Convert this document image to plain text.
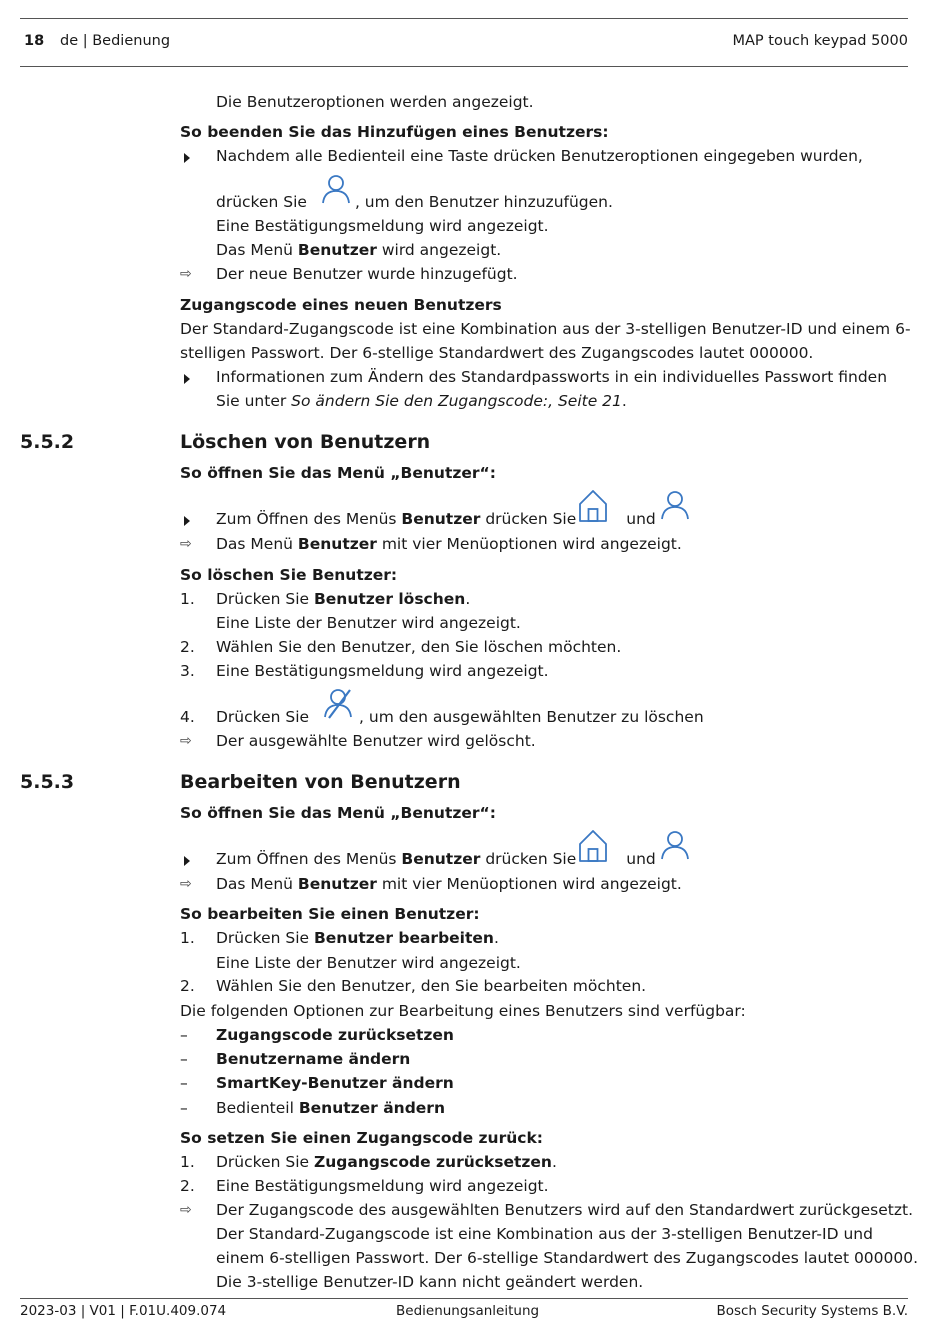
18 de | Bedienung	MAP touch keypad 5000
Die Benutzeroptionen werden angezeigt.
So beenden Sie das Hinzufügen eines Benutzers:
Nachdem alle Bedienteil eine Taste drücken Benutzeroptionen eingegeben wurden,
drücken Sie	, um den Benutzer hinzuzufügen.
Eine Bestätigungsmeldung wird angezeigt.
Das Menü Benutzer wird angezeigt.
⇨	Der neue Benutzer wurde hinzugefügt.
Zugangscode eines neuen Benutzers
Der Standard-Zugangscode ist eine Kombination aus der 3-stelligen Benutzer-ID und einem 6-
stelligen Passwort. Der 6-stellige Standardwert des Zugangscodes lautet 000000.
Informationen zum Ändern des Standardpassworts in ein individuelles Passwort finden
Sie unter So ändern Sie den Zugangscode:, Seite 21.
5.5.2	Löschen von Benutzern
So öffnen Sie das Menü „Benutzer“:
Zum Öffnen des Menüs Benutzer drücken Sie	und
⇨	Das Menü Benutzer mit vier Menüoptionen wird angezeigt.
So löschen Sie Benutzer:
1.	Drücken Sie Benutzer löschen.
Eine Liste der Benutzer wird angezeigt.
2.	Wählen Sie den Benutzer, den Sie löschen möchten.
3.	Eine Bestätigungsmeldung wird angezeigt.
4.	Drücken Sie	, um den ausgewählten Benutzer zu löschen
⇨	Der ausgewählte Benutzer wird gelöscht.
5.5.3	Bearbeiten von Benutzern
So öffnen Sie das Menü „Benutzer“:
Zum Öffnen des Menüs Benutzer drücken Sie	und
⇨	Das Menü Benutzer mit vier Menüoptionen wird angezeigt.
So bearbeiten Sie einen Benutzer:
1.	Drücken Sie Benutzer bearbeiten.
Eine Liste der Benutzer wird angezeigt.
2.	Wählen Sie den Benutzer, den Sie bearbeiten möchten.
Die folgenden Optionen zur Bearbeitung eines Benutzers sind verfügbar:
–	Zugangscode zurücksetzen
–	Benutzername ändern
–	SmartKey-Benutzer ändern
–	Bedienteil Benutzer ändern
So setzen Sie einen Zugangscode zurück:
1.	Drücken Sie Zugangscode zurücksetzen.
2.	Eine Bestätigungsmeldung wird angezeigt.
⇨	Der Zugangscode des ausgewählten Benutzers wird auf den Standardwert zurückgesetzt.
Der Standard-Zugangscode ist eine Kombination aus der 3-stelligen Benutzer-ID und
einem 6-stelligen Passwort. Der 6-stellige Standardwert des Zugangscodes lautet 000000.
Die 3-stellige Benutzer-ID kann nicht geändert werden.
2023-03 | V01 | F.01U.409.074	Bedienungsanleitung	Bosch Security Systems B.V.
